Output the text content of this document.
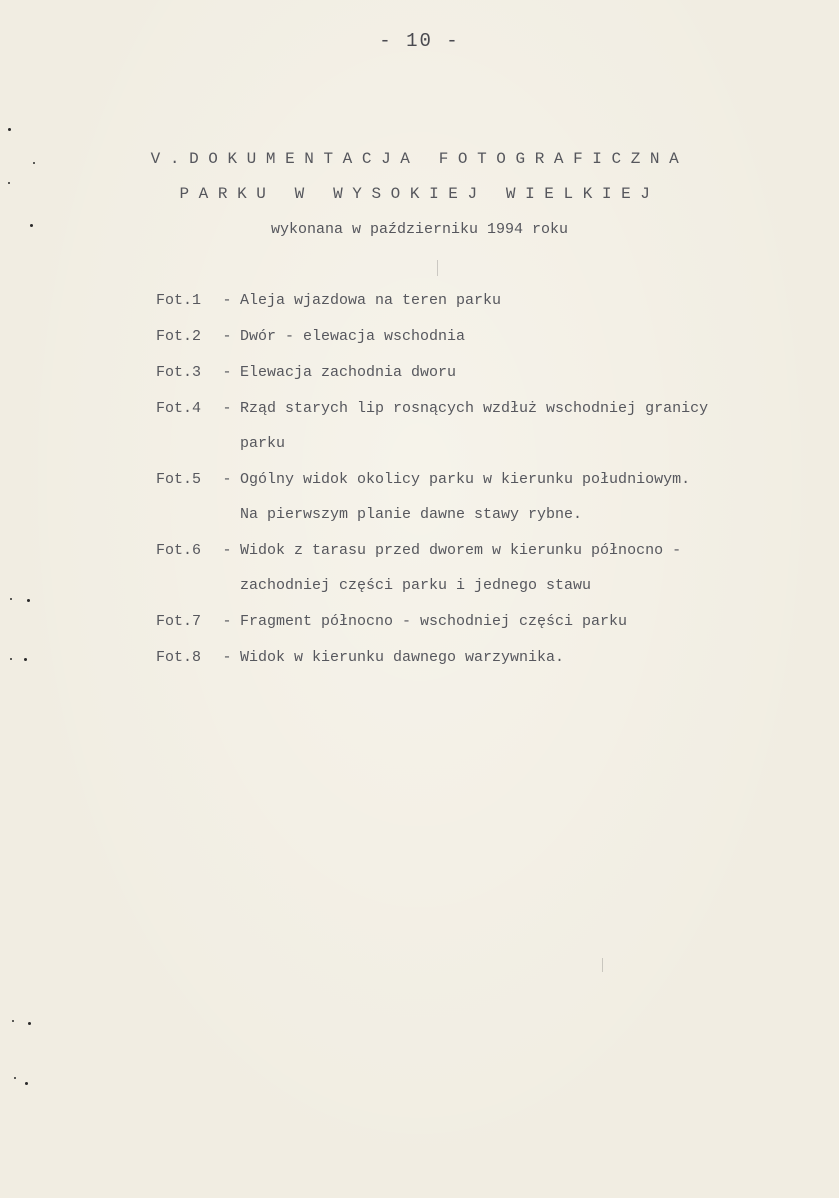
- 10 -
V.DOKUMENTACJA FOTOGRAFICZNA
PARKU W WYSOKIEJ WIELKIEJ
wykonana w październiku 1994 roku
Fot.1	- Aleja wjazdowa na teren parku
Fot.2	- Dwór - elewacja wschodnia
Fot.3	- Elewacja zachodnia dworu
Fot.4	- Rząd starych lip rosnących wzdłuż wschodniej granicy
parku
Fot.5	- Ogólny widok okolicy parku w kierunku południowym.
Na pierwszym planie dawne stawy rybne.
Fot.6	- Widok z tarasu przed dworem w kierunku północno -
zachodniej części parku i jednego stawu
Fot.7	- Fragment północno - wschodniej części parku
Fot.8	- Widok w kierunku dawnego warzywnika.
